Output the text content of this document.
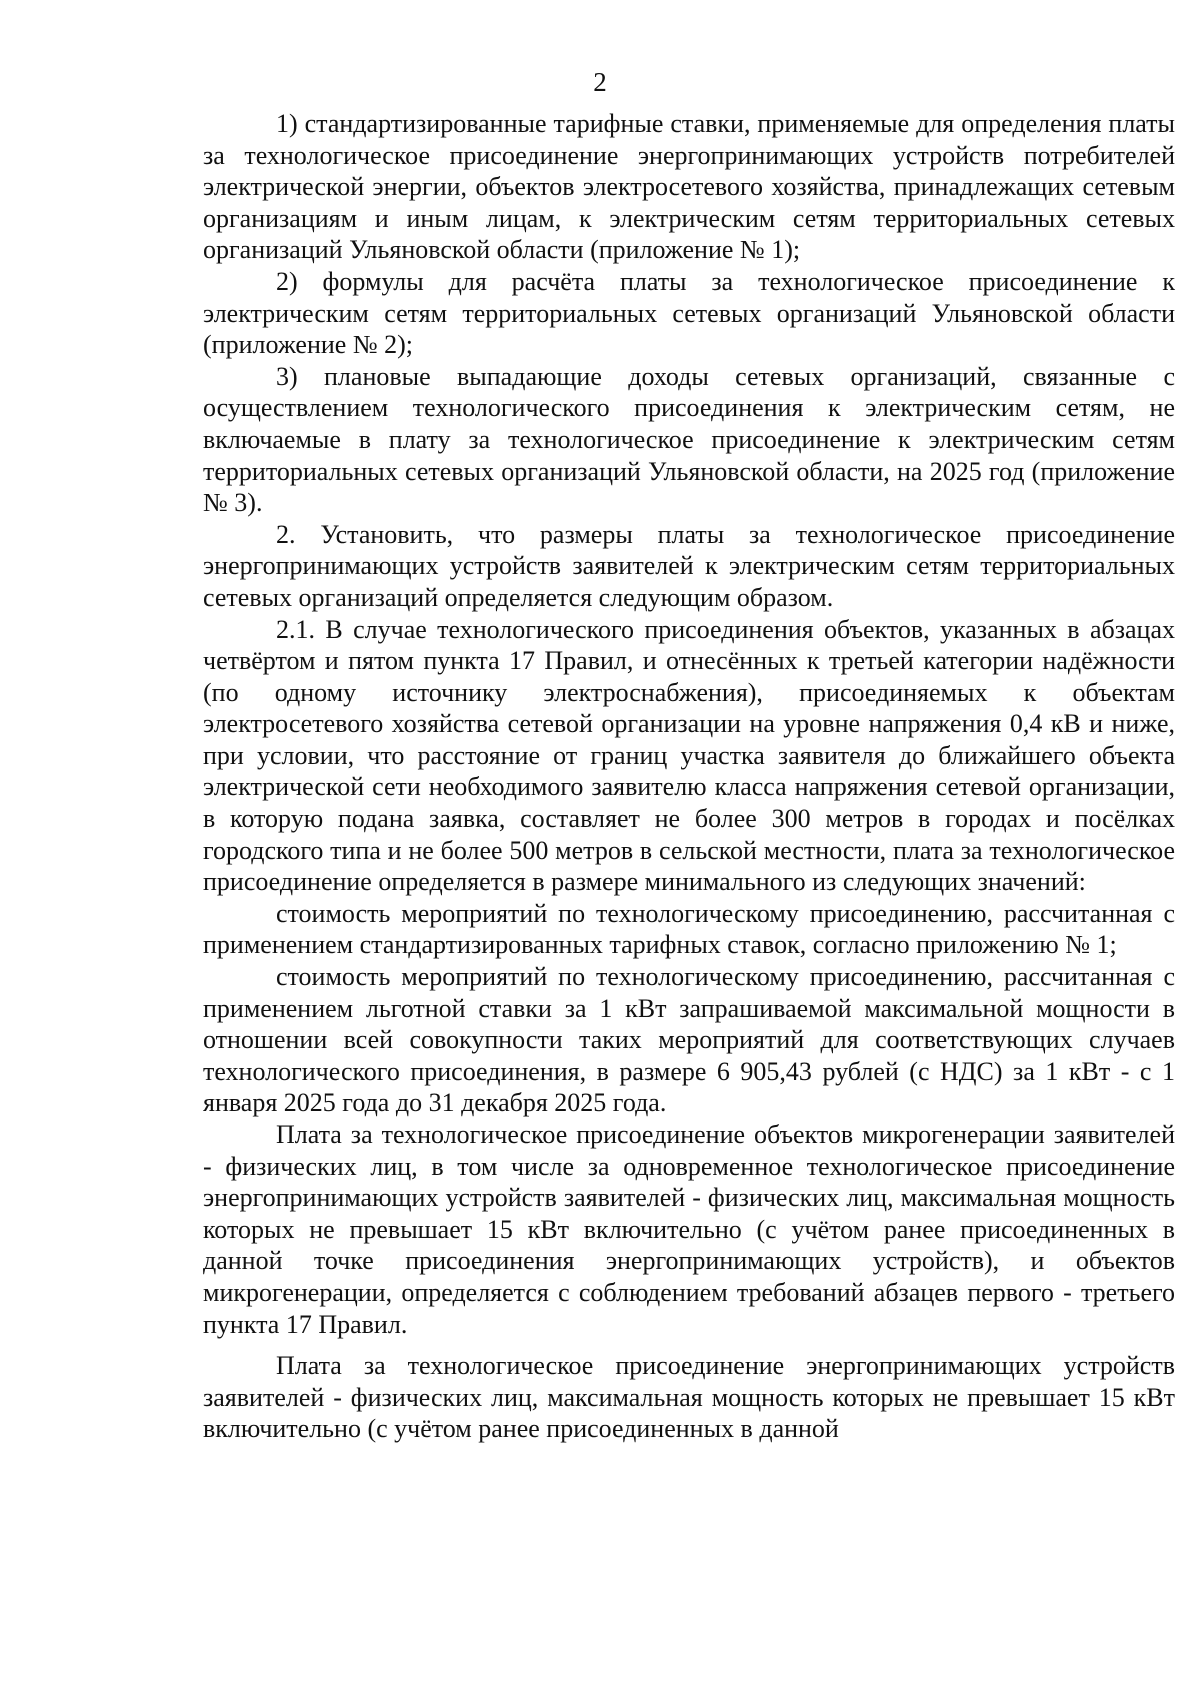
2

1) стандартизированные тарифные ставки, применяемые для определения платы за технологическое присоединение энергопринимающих устройств потребителей электрической энергии, объектов электросетевого хозяйства, принадлежащих сетевым организациям и иным лицам, к электрическим сетям территориальных сетевых организаций Ульяновской области (приложение № 1);

2) формулы для расчёта платы за технологическое присоединение к электрическим сетям территориальных сетевых организаций Ульяновской области (приложение № 2);

3) плановые выпадающие доходы сетевых организаций, связанные с осуществлением технологического присоединения к электрическим сетям, не включаемые в плату за технологическое присоединение к электрическим сетям территориальных сетевых организаций Ульяновской области, на 2025 год (приложение № 3).

2. Установить, что размеры платы за технологическое присоединение энергопринимающих устройств заявителей к электрическим сетям территориальных сетевых организаций определяется следующим образом.

2.1. В случае технологического присоединения объектов, указанных в абзацах четвёртом и пятом пункта 17 Правил, и отнесённых к третьей категории надёжности (по одному источнику электроснабжения), присоединяемых к объектам электросетевого хозяйства сетевой организации на уровне напряжения 0,4 кВ и ниже, при условии, что расстояние от границ участка заявителя до ближайшего объекта электрической сети необходимого заявителю класса напряжения сетевой организации, в которую подана заявка, составляет не более 300 метров в городах и посёлках городского типа и не более 500 метров в сельской местности, плата за технологическое присоединение определяется в размере минимального из следующих значений:

стоимость мероприятий по технологическому присоединению, рассчитанная с применением стандартизированных тарифных ставок, согласно приложению № 1;

стоимость мероприятий по технологическому присоединению, рассчитанная с применением льготной ставки за 1 кВт запрашиваемой максимальной мощности в отношении всей совокупности таких мероприятий для соответствующих случаев технологического присоединения, в размере 6 905,43 рублей (с НДС) за 1 кВт - с 1 января 2025 года до 31 декабря 2025 года.

Плата за технологическое присоединение объектов микрогенерации заявителей - физических лиц, в том числе за одновременное технологическое присоединение энергопринимающих устройств заявителей - физических лиц, максимальная мощность которых не превышает 15 кВт включительно (с учётом ранее присоединенных в данной точке присоединения энергопринимающих устройств), и объектов микрогенерации, определяется с соблюдением требований абзацев первого - третьего пункта 17 Правил.

Плата за технологическое присоединение энергопринимающих устройств заявителей - физических лиц, максимальная мощность которых не превышает 15 кВт включительно (с учётом ранее присоединенных в данной
